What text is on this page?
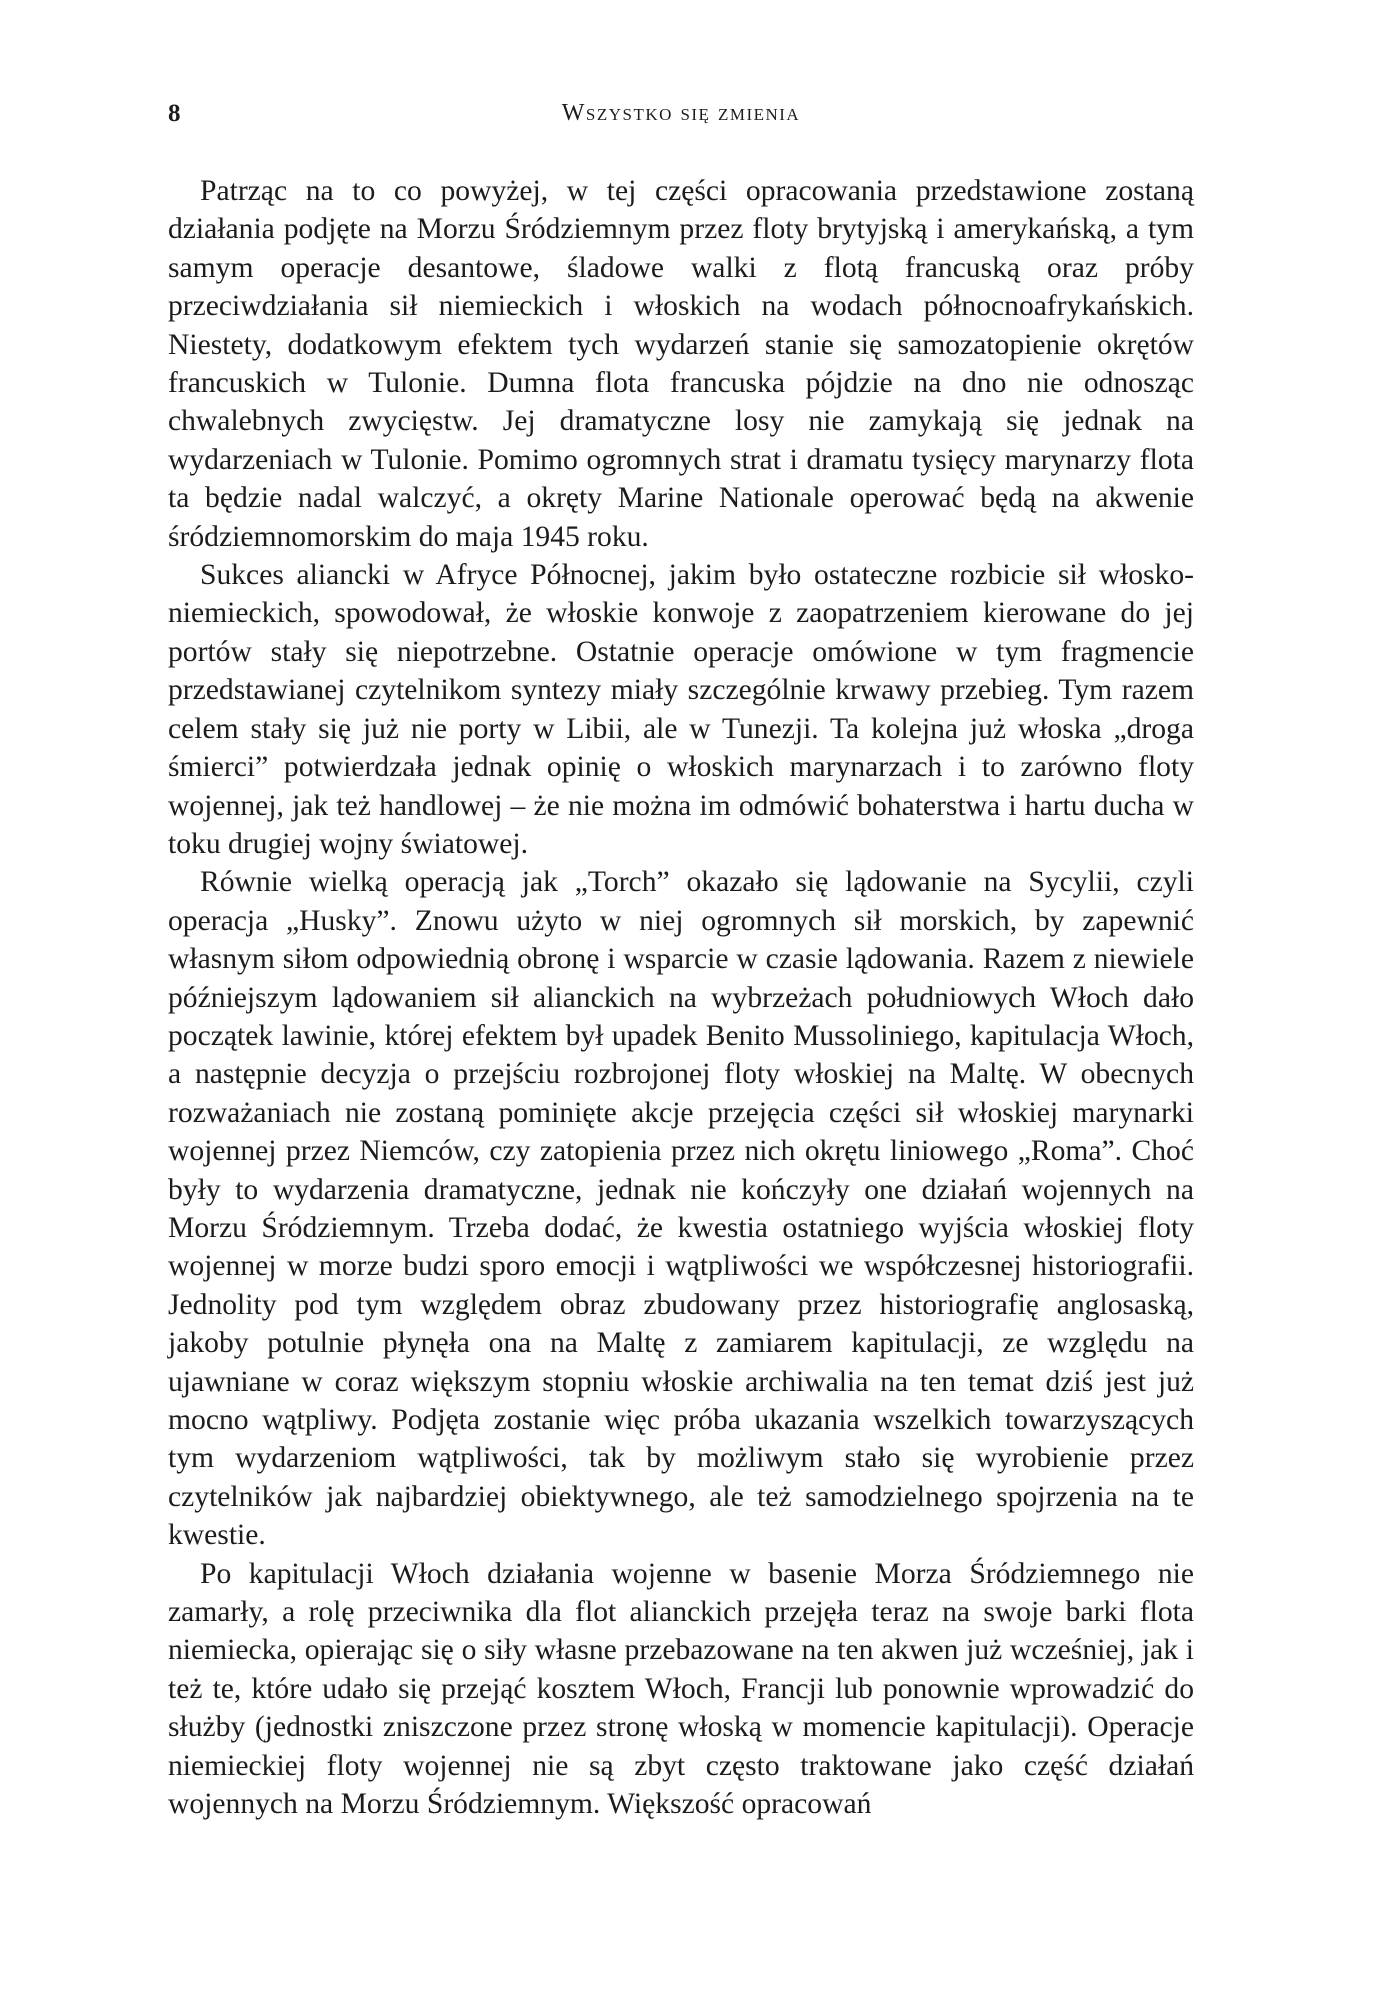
8	Wszystko się zmienia

Patrząc na to co powyżej, w tej części opracowania przedstawione zostaną działania podjęte na Morzu Śródziemnym przez floty brytyjską i amerykańską, a tym samym operacje desantowe, śladowe walki z flotą francuską oraz próby przeciwdziałania sił niemieckich i włoskich na wodach północnoafrykańskich. Niestety, dodatkowym efektem tych wydarzeń stanie się samozatopienie okrętów francuskich w Tulonie. Dumna flota francuska pójdzie na dno nie odnosząc chwalebnych zwycięstw. Jej dramatyczne losy nie zamykają się jednak na wydarzeniach w Tulonie. Pomimo ogromnych strat i dramatu tysięcy marynarzy flota ta będzie nadal walczyć, a okręty Marine Nationale operować będą na akwenie śródziemnomorskim do maja 1945 roku.

Sukces aliancki w Afryce Północnej, jakim było ostateczne rozbicie sił włosko-niemieckich, spowodował, że włoskie konwoje z zaopatrzeniem kierowane do jej portów stały się niepotrzebne. Ostatnie operacje omówione w tym fragmencie przedstawianej czytelnikom syntezy miały szczególnie krwawy przebieg. Tym razem celem stały się już nie porty w Libii, ale w Tunezji. Ta kolejna już włoska „droga śmierci” potwierdzała jednak opinię o włoskich marynarzach i to zarówno floty wojennej, jak też handlowej – że nie można im odmówić bohaterstwa i hartu ducha w toku drugiej wojny światowej.

Równie wielką operacją jak „Torch” okazało się lądowanie na Sycylii, czyli operacja „Husky”. Znowu użyto w niej ogromnych sił morskich, by zapewnić własnym siłom odpowiednią obronę i wsparcie w czasie lądowania. Razem z niewiele późniejszym lądowaniem sił alianckich na wybrzeżach południowych Włoch dało początek lawinie, której efektem był upadek Benito Mussoliniego, kapitulacja Włoch, a następnie decyzja o przejściu rozbrojonej floty włoskiej na Maltę. W obecnych rozważaniach nie zostaną pominięte akcje przejęcia części sił włoskiej marynarki wojennej przez Niemców, czy zatopienia przez nich okrętu liniowego „Roma”. Choć były to wydarzenia dramatyczne, jednak nie kończyły one działań wojennych na Morzu Śródziemnym. Trzeba dodać, że kwestia ostatniego wyjścia włoskiej floty wojennej w morze budzi sporo emocji i wątpliwości we współczesnej historiografii. Jednolity pod tym względem obraz zbudowany przez historiografię anglosaską, jakoby potulnie płynęła ona na Maltę z zamiarem kapitulacji, ze względu na ujawniane w coraz większym stopniu włoskie archiwalia na ten temat dziś jest już mocno wątpliwy. Podjęta zostanie więc próba ukazania wszelkich towarzyszących tym wydarzeniom wątpliwości, tak by możliwym stało się wyrobienie przez czytelników jak najbardziej obiektywnego, ale też samodzielnego spojrzenia na te kwestie.

Po kapitulacji Włoch działania wojenne w basenie Morza Śródziemnego nie zamarły, a rolę przeciwnika dla flot alianckich przejęła teraz na swoje barki flota niemiecka, opierając się o siły własne przebazowane na ten akwen już wcześniej, jak i też te, które udało się przejąć kosztem Włoch, Francji lub ponownie wprowadzić do służby (jednostki zniszczone przez stronę włoską w momencie kapitulacji). Operacje niemieckiej floty wojennej nie są zbyt często traktowane jako część działań wojennych na Morzu Śródziemnym. Większość opracowań
